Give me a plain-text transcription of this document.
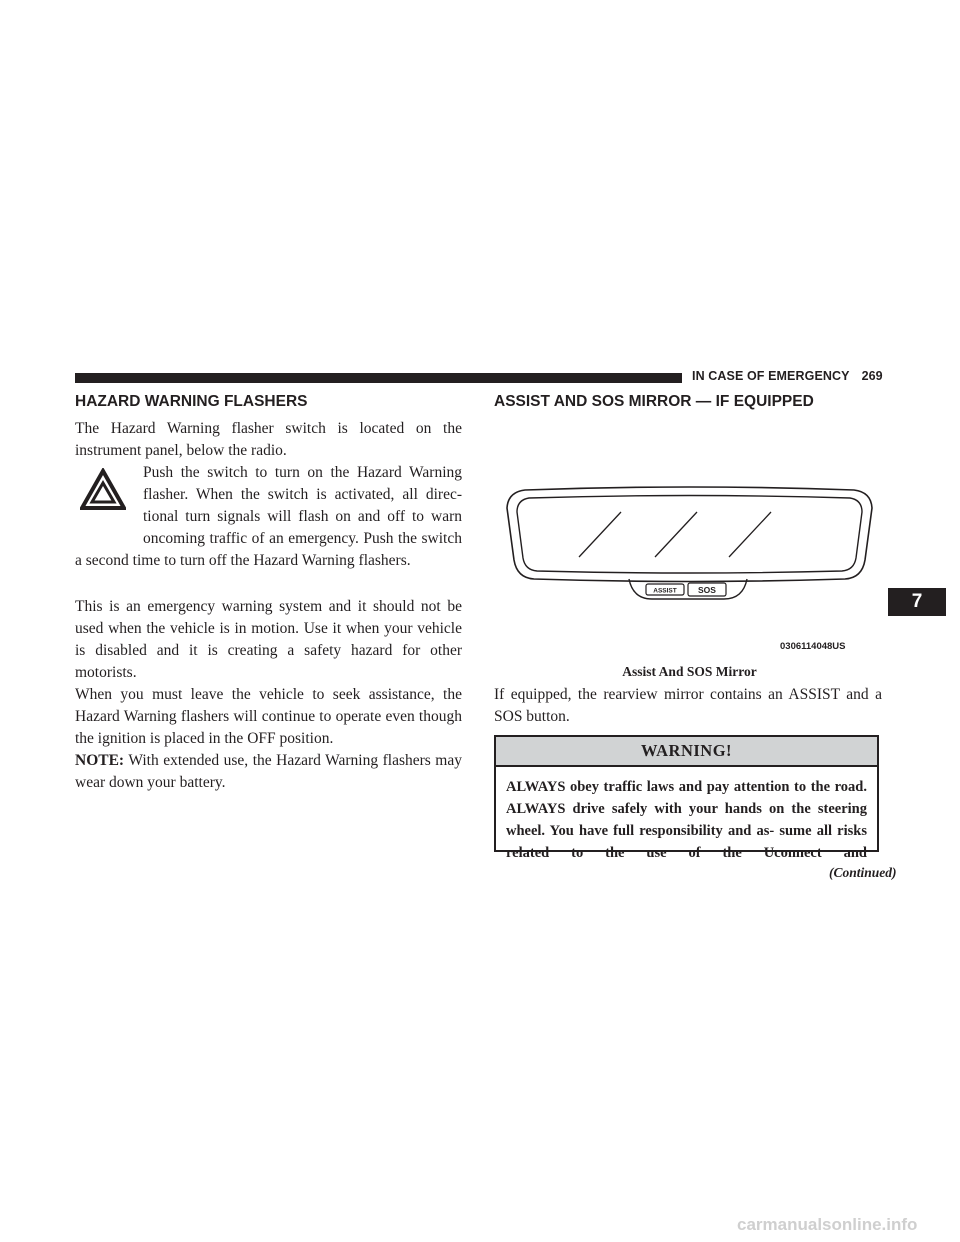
IN CASE OF EMERGENCY 269
7
HAZARD WARNING FLASHERS

The Hazard Warning flasher switch is located on the instrument panel, below the radio.

Push the switch to turn on the Hazard Warning flasher. When the switch is activated, all direc- tional turn signals will flash on and off to warn oncoming traffic of an emergency. Push the switch a second time to turn off the Hazard Warning flashers.

This is an emergency warning system and it should not be used when the vehicle is in motion. Use it when your vehicle is disabled and it is creating a safety hazard for other motorists.

When you must leave the vehicle to seek assistance, the Hazard Warning flashers will continue to operate even though the ignition is placed in the OFF position.

NOTE: With extended use, the Hazard Warning flashers may wear down your battery.

ASSIST AND SOS MIRROR — IF EQUIPPED
ASSIST	SOS
0306114048US
Assist And SOS Mirror

If equipped, the rearview mirror contains an ASSIST and a SOS button.

WARNING!
ALWAYS obey traffic laws and pay attention to the road. ALWAYS drive safely with your hands on the steering wheel. You have full responsibility and as- sume all risks related to the use of the Uconnect and
(Continued)
carmanualsonline.info
